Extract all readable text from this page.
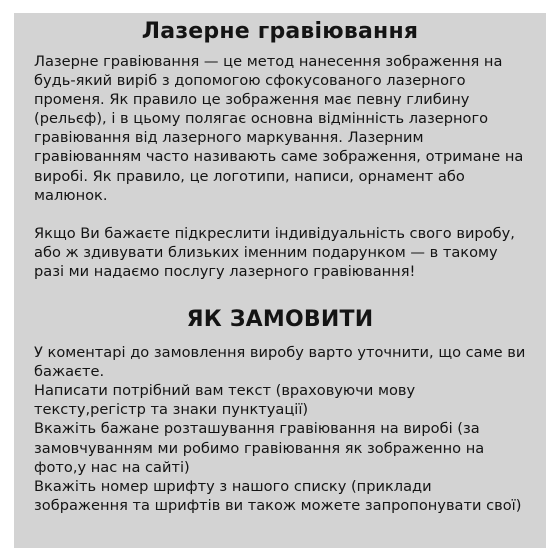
Лазерне гравіювання

Лазерне гравіювання — це метод нанесення зображення на будь-який виріб з допомогою сфокусованого лазерного променя. Як правило це зображення має певну глибину (рельєф), і в цьому полягає основна відмінність лазерного гравіювання від лазерного маркування. Лазерним гравіюванням часто називають саме зображення, отримане на виробі. Як правило, це логотипи, написи, орнамент або малюнок.

Якщо Ви бажаєте підкреслити індивідуальність свого виробу, або ж здивувати близьких іменним подарунком — в такому разі ми надаємо послугу лазерного гравіювання!

ЯК ЗАМОВИТИ
У коментарі до замовлення виробу варто уточнити, що саме ви бажаєте.
Написати потрібний вам текст (враховуючи мову тексту,регістр та знаки пунктуації)
Вкажіть бажане розташування гравіювання на виробі (за замовчуванням ми робимо гравіювання як зображенно на фото,у нас на сайті)
Вкажіть номер шрифту з нашого списку (приклади зображення та шрифтів ви також можете запропонувати свої)
